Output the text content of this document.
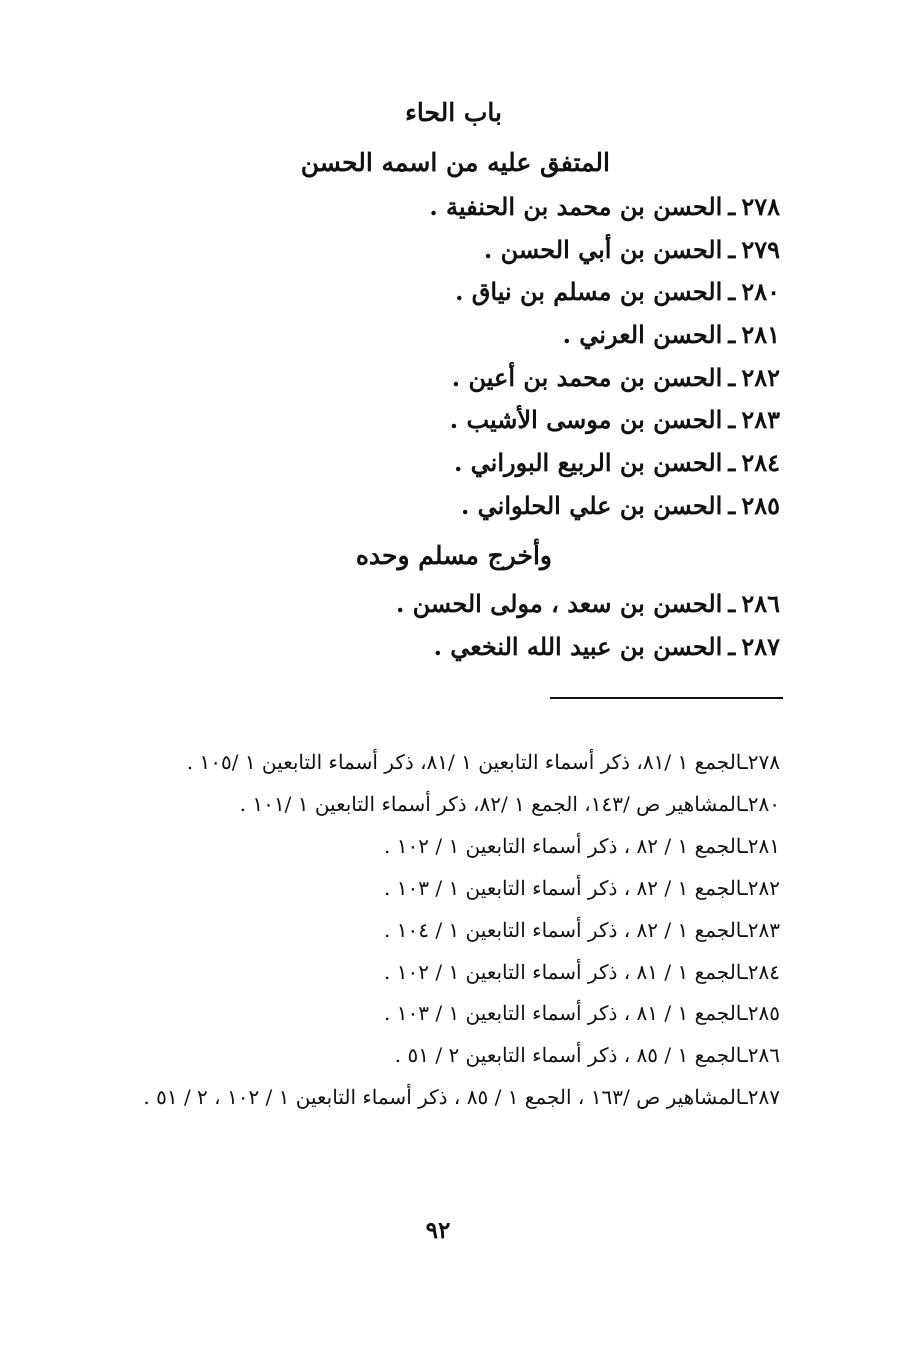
باب الحاء
المتفق عليه من اسمه الحسن
٢٧٨ـالحسن بن محمد بن الحنفية .
٢٧٩ـالحسن بن أبي الحسن .
٢٨٠ـالحسن بن مسلم بن نياق .
٢٨١ـالحسن العرني .
٢٨٢ـالحسن بن محمد بن أعين .
٢٨٣ـالحسن بن موسى الأشيب .
٢٨٤ـالحسن بن الربيع البوراني .
٢٨٥ـالحسن بن علي الحلواني .
وأخرج مسلم وحده
٢٨٦ـالحسن بن سعد ، مولى الحسن .
٢٨٧ـالحسن بن عبيد الله النخعي .
٢٧٨ـالجمع ١ /٨١، ذكر أسماء التابعين ١ /٨١، ذكر أسماء التابعين ١ /١٠٥ .
٢٨٠ـالمشاهير ص /١٤٣، الجمع ١ /٨٢، ذكر أسماء التابعين ١ /١٠١ .
٢٨١ـالجمع ١ / ٨٢ ، ذكر أسماء التابعين ١ / ١٠٢ .
٢٨٢ـالجمع ١ / ٨٢ ، ذكر أسماء التابعين ١ / ١٠٣ .
٢٨٣ـالجمع ١ / ٨٢ ، ذكر أسماء التابعين ١ / ١٠٤ .
٢٨٤ـالجمع ١ / ٨١ ، ذكر أسماء التابعين ١ / ١٠٢ .
٢٨٥ـالجمع ١ / ٨١ ، ذكر أسماء التابعين ١ / ١٠٣ .
٢٨٦ـالجمع ١ / ٨٥ ، ذكر أسماء التابعين ٢ / ٥١ .
٢٨٧ـالمشاهير ص /١٦٣ ، الجمع ١ / ٨٥ ، ذكر أسماء التابعين ١ / ١٠٢ ، ٢ / ٥١ .
٩٢
